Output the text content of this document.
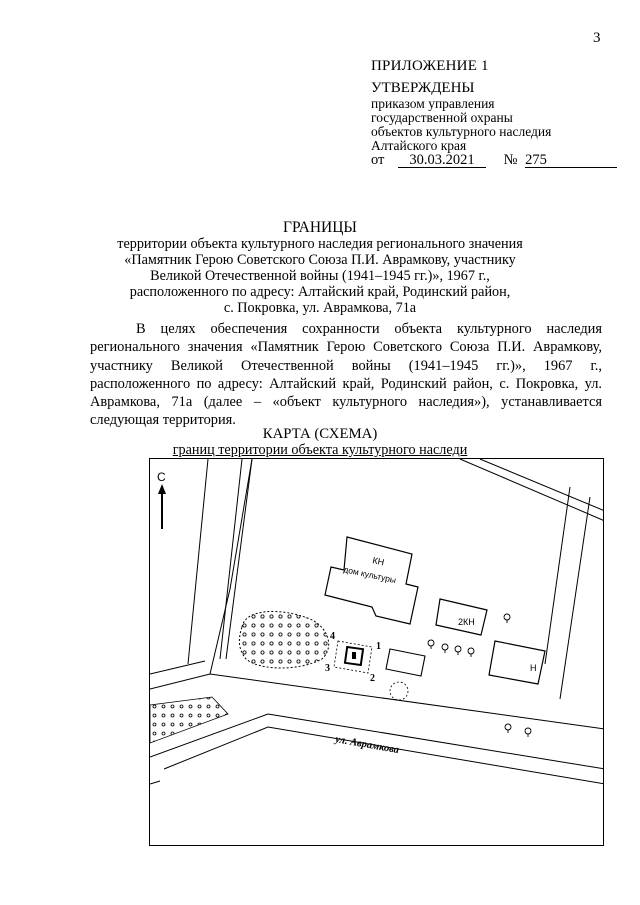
3
ПРИЛОЖЕНИЕ 1
УТВЕРЖДЕНЫ
приказом управления
государственной охраны
объектов культурного наследия
Алтайского края
от 30.03.2021 № 275
ГРАНИЦЫ
территории объекта культурного наследия регионального значения
«Памятник Герою Советского Союза П.И. Аврамкову, участнику
Великой Отечественной войны (1941–1945 гг.)», 1967 г.,
расположенного по адресу: Алтайский край, Родинский район,
с. Покровка, ул. Аврамкова, 71а

В целях обеспечения сохранности объекта культурного наследия регионального значения «Памятник Герою Советского Союза П.И. Аврамкову, участнику Великой Отечественной войны (1941–1945 гг.)», 1967 г., расположенного по адресу: Алтайский край, Родинский район, с. Покровка, ул. Аврамкова, 71а (далее – «объект культурного наследия»), устанавливается следующая территория.

КАРТА (СХЕМА)
границ территории объекта культурного наследи
С
КН
дом культуры
2КН
Н
1
2
3
4
ул. Аврамкова
